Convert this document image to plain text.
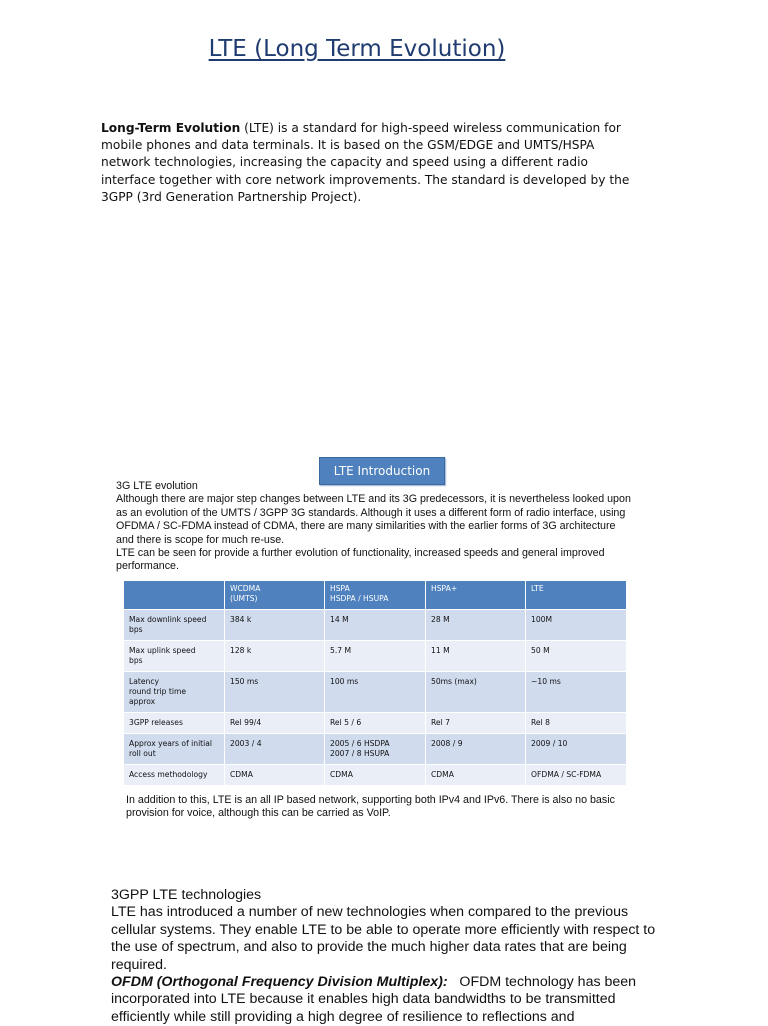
LTE (Long Term Evolution)
Long-Term Evolution (LTE) is a standard for high-speed wireless communication for mobile phones and data terminals. It is based on the GSM/EDGE and UMTS/HSPA network technologies, increasing the capacity and speed using a different radio interface together with core network improvements. The standard is developed by the 3GPP (3rd Generation Partnership Project).
LTE Introduction

3G LTE evolution

Although there are major step changes between LTE and its 3G predecessors, it is nevertheless looked upon as an evolution of the UMTS / 3GPP 3G standards. Although it uses a different form of radio interface, using OFDMA / SC-FDMA instead of CDMA, there are many similarities with the earlier forms of 3G architecture and there is scope for much re-use.

LTE can be seen for provide a further evolution of functionality, increased speeds and general improved performance.

	WCDMA
(UMTS)	HSPA
HSDPA / HSUPA	HSPA+	LTE
Max downlink speed
bps	384 k	14 M	28 M	100M
Max uplink speed
bps	128 k	5.7 M	11 M	50 M
Latency
round trip time
approx	150 ms	100 ms	50ms (max)	~10 ms
3GPP releases	Rel 99/4	Rel 5 / 6	Rel 7	Rel 8
Approx years of initial
roll out	2003 / 4	2005 / 6 HSDPA
2007 / 8 HSUPA	2008 / 9	2009 / 10
Access methodology	CDMA	CDMA	CDMA	OFDMA / SC-FDMA
In addition to this, LTE is an all IP based network, supporting both IPv4 and IPv6. There is also no basic provision for voice, although this can be carried as VoIP.

3GPP LTE technologies

LTE has introduced a number of new technologies when compared to the previous cellular systems. They enable LTE to be able to operate more efficiently with respect to the use of spectrum, and also to provide the much higher data rates that are being required.

OFDM (Orthogonal Frequency Division Multiplex):   OFDM technology has been incorporated into LTE because it enables high data bandwidths to be transmitted efficiently while still providing a high degree of resilience to reflections and
